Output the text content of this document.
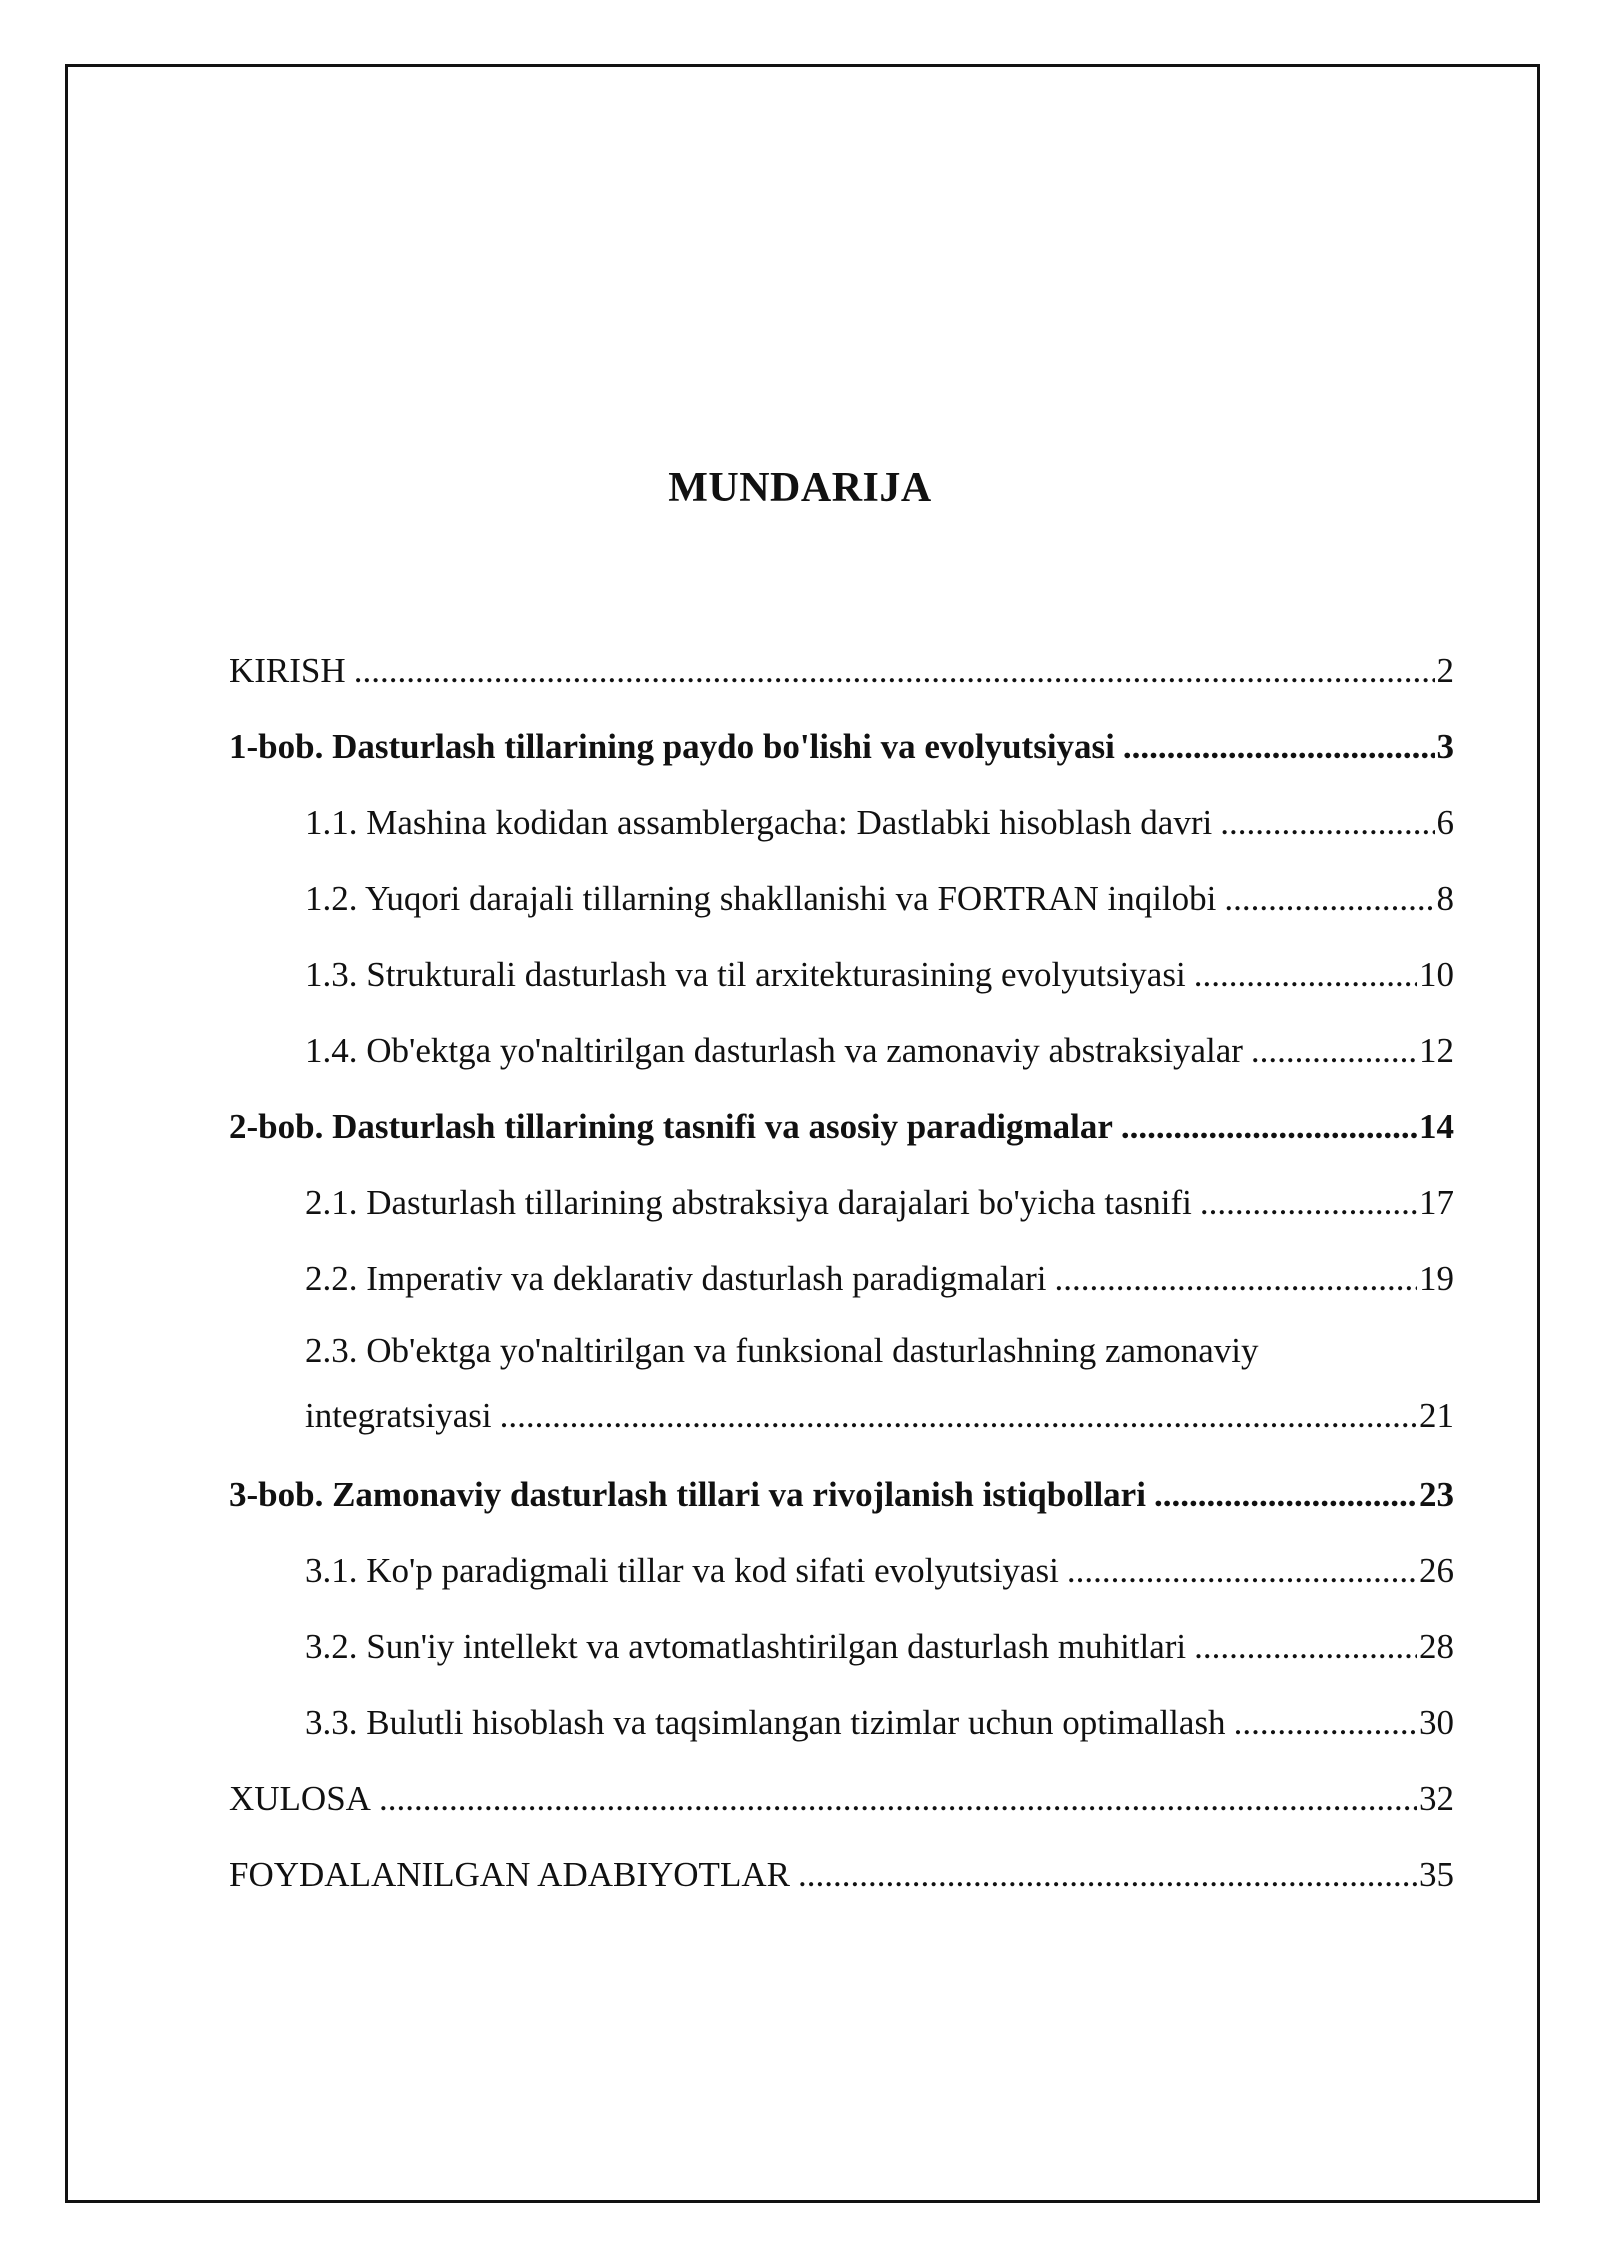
MUNDARIJA
KIRISH .....	2
1-bob. Dasturlash tillarining paydo bo'lishi va evolyutsiyasi .....	3
1.1. Mashina kodidan assamblergacha: Dastlabki hisoblash davri .....	6
1.2. Yuqori darajali tillarning shakllanishi va FORTRAN inqilobi .....	8
1.3. Strukturali dasturlash va til arxitekturasining evolyutsiyasi .....	10
1.4. Ob'ektga yo'naltirilgan dasturlash va zamonaviy abstraksiyalar .....	12
2-bob. Dasturlash tillarining tasnifi va asosiy paradigmalar .....	14
2.1. Dasturlash tillarining abstraksiya darajalari bo'yicha tasnifi .....	17
2.2. Imperativ va deklarativ dasturlash paradigmalari .....	19
2.3. Ob'ektga yo'naltirilgan va funksional dasturlashning zamonaviy
integratsiyasi .....	21
3-bob. Zamonaviy dasturlash tillari va rivojlanish istiqbollari .....	23
3.1. Ko'p paradigmali tillar va kod sifati evolyutsiyasi .....	26
3.2. Sun'iy intellekt va avtomatlashtirilgan dasturlash muhitlari .....	28
3.3. Bulutli hisoblash va taqsimlangan tizimlar uchun optimallash .....	30
XULOSA .....	32
FOYDALANILGAN ADABIYOTLAR .....	35
